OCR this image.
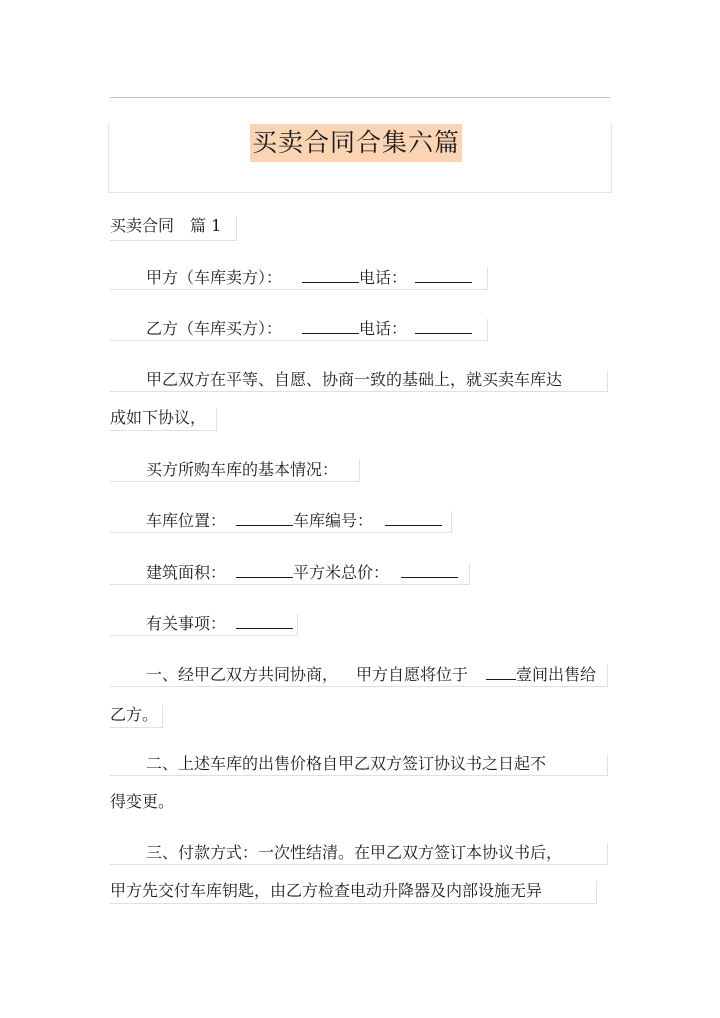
买卖合同合集六篇
买卖合同　篇 1
甲方（车库卖方）：	电话：
乙方（车库买方）：	电话：
甲乙双方在平等、自愿、协商一致的基础上，就买卖车库达
成如下协议，
买方所购车库的基本情况：
车库位置：	车库编号：
建筑面积：	平方米总价：
有关事项：
一、经甲乙双方共同协商， 甲方自愿将位于	壹间出售给
乙方。
二、上述车库的出售价格自甲乙双方签订协议书之日起不
得变更。
三、付款方式：一次性结清。在甲乙双方签订本协议书后，
甲方先交付车库钥匙，由乙方检查电动升降器及内部设施无异
